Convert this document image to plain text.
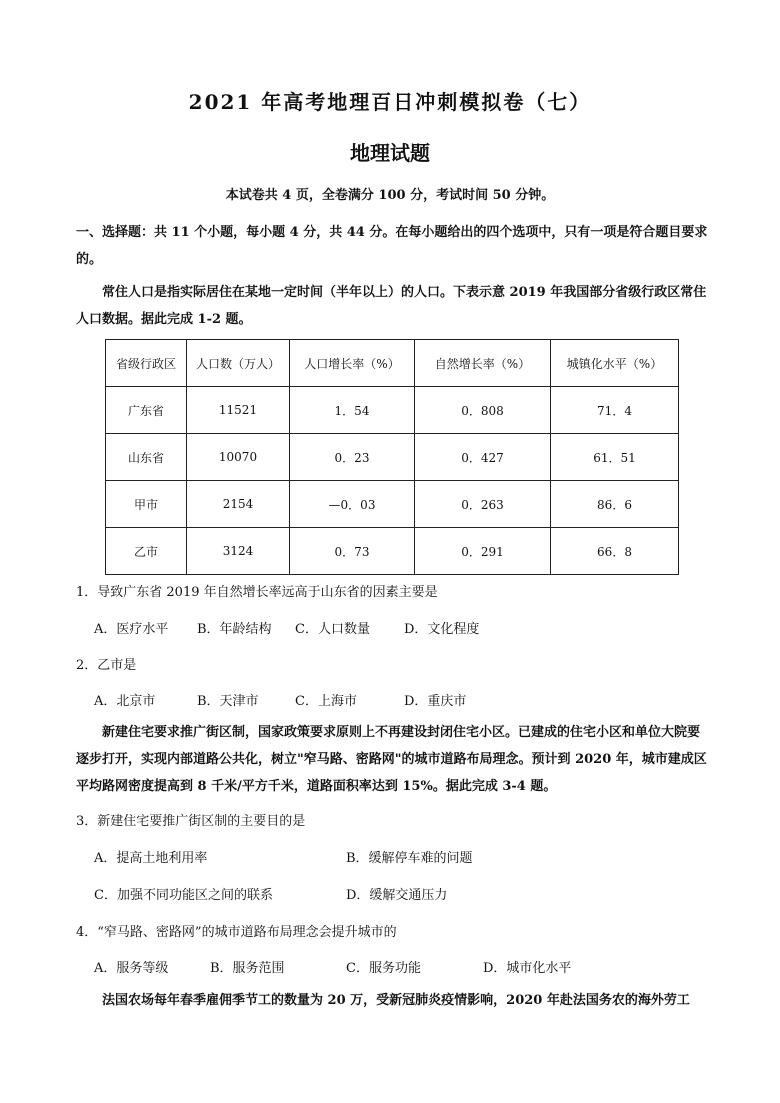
2021 年高考地理百日冲刺模拟卷（七）
地理试题
本试卷共 4 页，全卷满分 100 分，考试时间 50 分钟。
一、选择题：共 11 个小题，每小题 4 分，共 44 分。在每小题给出的四个选项中，只有一项是符合题目要求的。
常住人口是指实际居住在某地一定时间（半年以上）的人口。下表示意 2019 年我国部分省级行政区常住人口数据。据此完成 1-2 题。
省级行政区	人口数（万人）	人口增长率（%）	自然增长率（%）	城镇化水平（%）
广东省	11521	1．54	0．808	71．4
山东省	10070	0．23	0．427	61．51
甲市	2154	—0．03	0．263	86．6
乙市	3124	0．73	0．291	66．8
1．导致广东省 2019 年自然增长率远高于山东省的因素主要是
A．医疗水平 B．年龄结构 C．人口数量	D．文化程度
2．乙市是
A．北京市	B．天津市	C．上海市	D．重庆市
新建住宅要求推广街区制，国家政策要求原则上不再建设封闭住宅小区。已建成的住宅小区和单位大院要逐步打开，实现内部道路公共化，树立"窄马路、密路网"的城市道路布局理念。预计到 2020 年，城市建成区平均路网密度提高到 8 千米/平方千米，道路面积率达到 15%。据此完成 3-4 题。
3．新建住宅要推广街区制的主要目的是
A．提高土地利用率	B．缓解停车难的问题
C．加强不同功能区之间的联系	D．缓解交通压力
4．“窄马路、密路网”的城市道路布局理念会提升城市的
A．服务等级	B．服务范围	C．服务功能	D．城市化水平
法国农场每年春季雇佣季节工的数量为 20 万，受新冠肺炎疫情影响，2020 年赴法国务农的海外劳工
